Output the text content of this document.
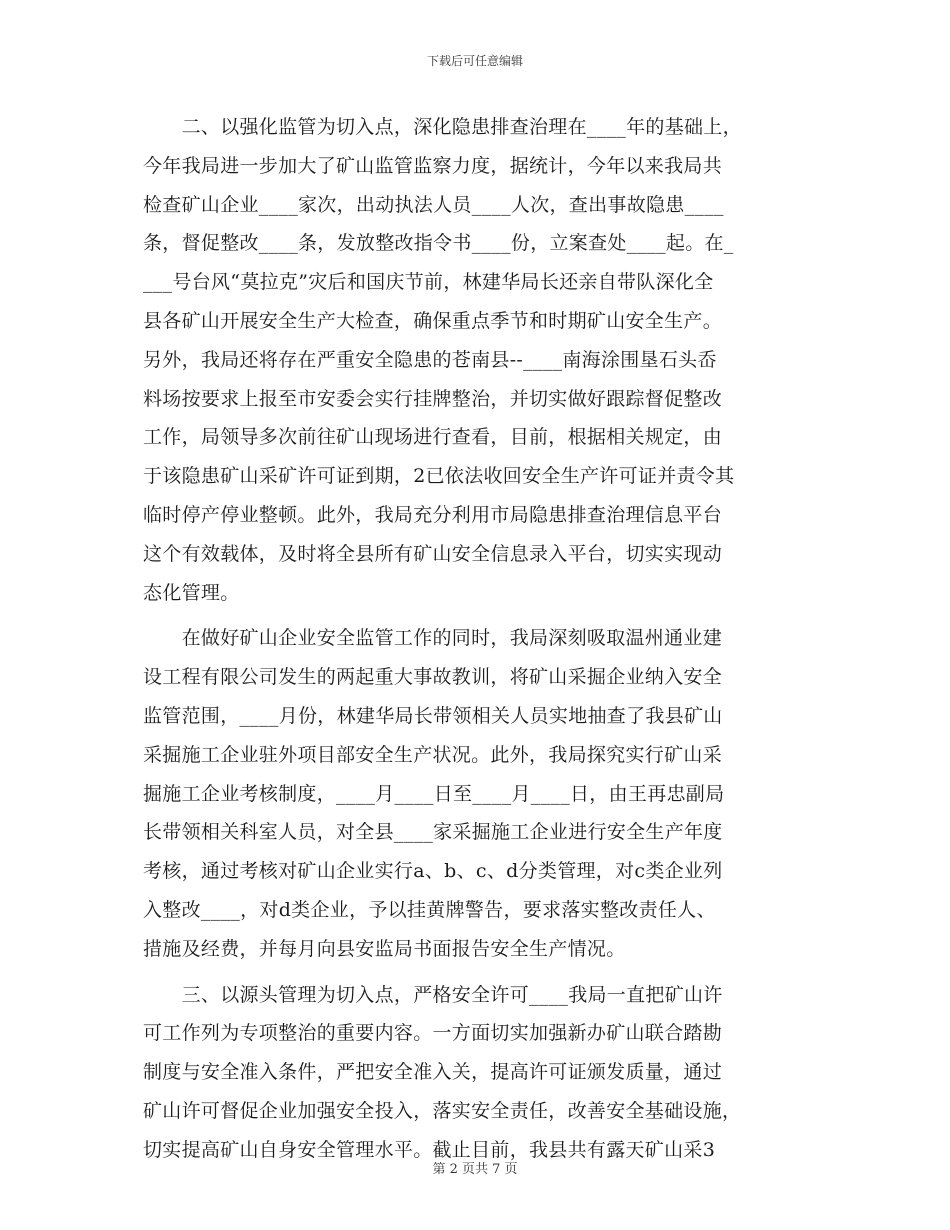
下载后可任意编辑
　　二、以强化监管为切入点，深化隐患排查治理在____年的基础上，
今年我局进一步加大了矿山监管监察力度，据统计，今年以来我局共
检查矿山企业____家次，出动执法人员____人次，查出事故隐患____
条，督促整改____条，发放整改指令书____份，立案查处____起。在_
___号台风“莫拉克”灾后和国庆节前，林建华局长还亲自带队深化全
县各矿山开展安全生产大检查，确保重点季节和时期矿山安全生产。
另外，我局还将存在严重安全隐患的苍南县--____南海涂围垦石头岙
料场按要求上报至市安委会实行挂牌整治，并切实做好跟踪督促整改
工作，局领导多次前往矿山现场进行查看，目前，根据相关规定，由
于该隐患矿山采矿许可证到期，2已依法收回安全生产许可证并责令其
临时停产停业整顿。此外，我局充分利用市局隐患排查治理信息平台
这个有效载体，及时将全县所有矿山安全信息录入平台，切实实现动
态化管理。
　　在做好矿山企业安全监管工作的同时，我局深刻吸取温州通业建
设工程有限公司发生的两起重大事故教训，将矿山采掘企业纳入安全
监管范围，____月份，林建华局长带领相关人员实地抽查了我县矿山
采掘施工企业驻外项目部安全生产状况。此外，我局探究实行矿山采
掘施工企业考核制度，____月____日至____月____日，由王再忠副局
长带领相关科室人员，对全县____家采掘施工企业进行安全生产年度
考核，通过考核对矿山企业实行a、b、c、d分类管理，对c类企业列
入整改____，对d类企业，予以挂黄牌警告，要求落实整改责任人、
措施及经费，并每月向县安监局书面报告安全生产情况。
　　三、以源头管理为切入点，严格安全许可____我局一直把矿山许
可工作列为专项整治的重要内容。一方面切实加强新办矿山联合踏勘
制度与安全准入条件，严把安全准入关，提高许可证颁发质量，通过
矿山许可督促企业加强安全投入，落实安全责任，改善安全基础设施，
切实提高矿山自身安全管理水平。截止目前，我县共有露天矿山采3
第 2 页共 7 页
